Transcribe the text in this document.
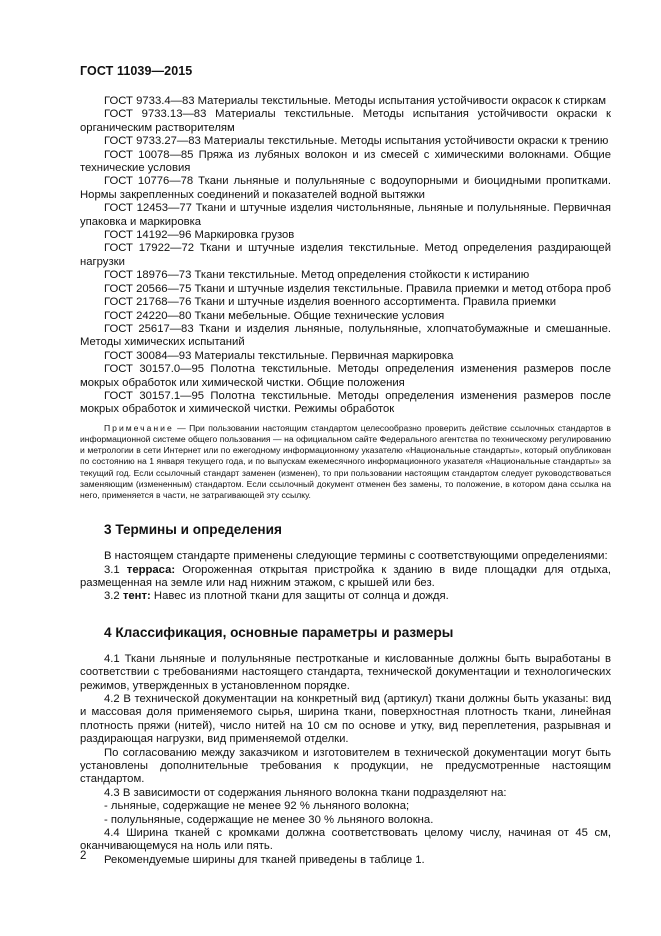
ГОСТ 11039—2015

ГОСТ 9733.4—83 Материалы текстильные. Методы испытания устойчивости окрасок к стиркам

ГОСТ 9733.13—83 Материалы текстильные. Методы испытания устойчивости окраски к органическим растворителям

ГОСТ 9733.27—83 Материалы текстильные. Методы испытания устойчивости окраски к трению

ГОСТ 10078—85 Пряжа из лубяных волокон и из смесей с химическими волокнами. Общие технические условия

ГОСТ 10776—78 Ткани льняные и полульняные с водоупорными и биоцидными пропитками. Нормы закрепленных соединений и показателей водной вытяжки

ГОСТ 12453—77 Ткани и штучные изделия чистольняные, льняные и полульняные. Первичная упаковка и маркировка

ГОСТ 14192—96 Маркировка грузов

ГОСТ 17922—72 Ткани и штучные изделия текстильные. Метод определения раздирающей нагрузки

ГОСТ 18976—73 Ткани текстильные. Метод определения стойкости к истиранию

ГОСТ 20566—75 Ткани и штучные изделия текстильные. Правила приемки и метод отбора проб

ГОСТ 21768—76 Ткани и штучные изделия военного ассортимента. Правила приемки

ГОСТ 24220—80 Ткани мебельные. Общие технические условия

ГОСТ 25617—83 Ткани и изделия льняные, полульняные, хлопчатобумажные и смешанные. Методы химических испытаний

ГОСТ 30084—93 Материалы текстильные. Первичная маркировка

ГОСТ 30157.0—95 Полотна текстильные. Методы определения изменения размеров после мокрых обработок или химической чистки. Общие положения

ГОСТ 30157.1—95 Полотна текстильные. Методы определения изменения размеров после мокрых обработок и химической чистки. Режимы обработок

Примечание — При пользовании настоящим стандартом целесообразно проверить действие ссылочных стандартов в информационной системе общего пользования — на официальном сайте Федерального агентства по техническому регулированию и метрологии в сети Интернет или по ежегодному информационному указателю «Национальные стандарты», который опубликован по состоянию на 1 января текущего года, и по выпускам ежемесячного информационного указателя «Национальные стандарты» за текущий год. Если ссылочный стандарт заменен (изменен), то при пользовании настоящим стандартом следует руководствоваться заменяющим (измененным) стандартом. Если ссылочный документ отменен без замены, то положение, в котором дана ссылка на него, применяется в части, не затрагивающей эту ссылку.

3 Термины и определения

В настоящем стандарте применены следующие термины с соответствующими определениями:

3.1 терраса: Огороженная открытая пристройка к зданию в виде площадки для отдыха, размещенная на земле или над нижним этажом, с крышей или без.

3.2 тент: Навес из плотной ткани для защиты от солнца и дождя.

4 Классификация, основные параметры и размеры

4.1 Ткани льняные и полульняные пестротканые и кислованные должны быть выработаны в соответствии с требованиями настоящего стандарта, технической документации и технологических режимов, утвержденных в установленном порядке.

4.2 В технической документации на конкретный вид (артикул) ткани должны быть указаны: вид и массовая доля применяемого сырья, ширина ткани, поверхностная плотность ткани, линейная плотность пряжи (нитей), число нитей на 10 см по основе и утку, вид переплетения, разрывная и раздирающая нагрузки, вид применяемой отделки.

По согласованию между заказчиком и изготовителем в технической документации могут быть установлены дополнительные требования к продукции, не предусмотренные настоящим стандартом.

4.3 В зависимости от содержания льняного волокна ткани подразделяют на:

- льняные, содержащие не менее 92 % льняного волокна;

- полульняные, содержащие не менее 30 % льняного волокна.

4.4 Ширина тканей с кромками должна соответствовать целому числу, начиная от 45 см, оканчивающемуся на ноль или пять.

Рекомендуемые ширины для тканей приведены в таблице 1.

2
